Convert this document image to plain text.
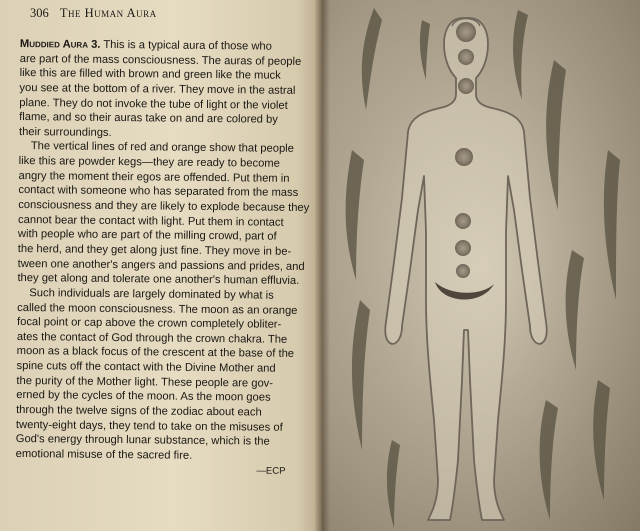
306 The Human Aura
Muddied Aura 3. This is a typical aura of those who
are part of the mass consciousness. The auras of people
like this are filled with brown and green like the muck
you see at the bottom of a river. They move in the astral
plane. They do not invoke the tube of light or the violet
flame, and so their auras take on and are colored by
their surroundings.
The vertical lines of red and orange show that people
like this are powder kegs—they are ready to become
angry the moment their egos are offended. Put them in
contact with someone who has separated from the mass
consciousness and they are likely to explode because they
cannot bear the contact with light. Put them in contact
with people who are part of the milling crowd, part of
the herd, and they get along just fine. They move in be-
tween one another's angers and passions and prides, and
they get along and tolerate one another's human effluvia.
Such individuals are largely dominated by what is
called the moon consciousness. The moon as an orange
focal point or cap above the crown completely obliter-
ates the contact of God through the crown chakra. The
moon as a black focus of the crescent at the base of the
spine cuts off the contact with the Divine Mother and
the purity of the Mother light. These people are gov-
erned by the cycles of the moon. As the moon goes
through the twelve signs of the zodiac about each
twenty-eight days, they tend to take on the misuses of
God's energy through lunar substance, which is the
emotional misuse of the sacred fire.
—ECP
